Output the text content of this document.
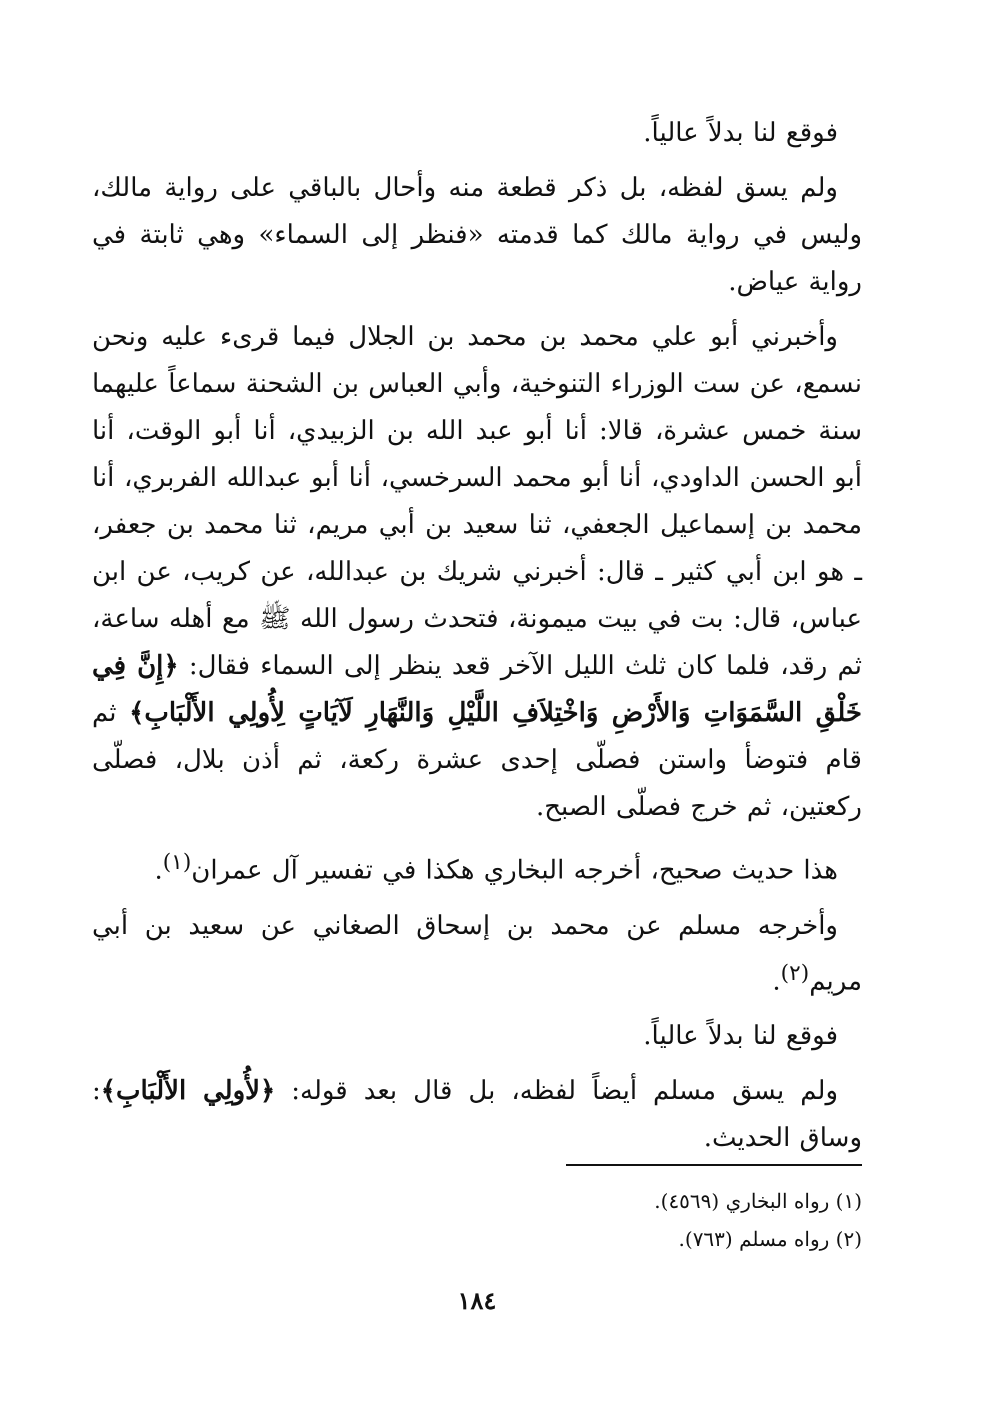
فوقع لنا بدلاً عالياً.

ولم يسق لفظه، بل ذكر قطعة منه وأحال بالباقي على رواية مالك، وليس في رواية مالك كما قدمته «فنظر إلى السماء» وهي ثابتة في رواية عياض.

وأخبرني أبو علي محمد بن محمد بن الجلال فيما قرىء عليه ونحن نسمع، عن ست الوزراء التنوخية، وأبي العباس بن الشحنة سماعاً عليهما سنة خمس عشرة، قالا: أنا أبو عبد الله بن الزبيدي، أنا أبو الوقت، أنا أبو الحسن الداودي، أنا أبو محمد السرخسي، أنا أبو عبدالله الفربري، أنا محمد بن إسماعيل الجعفي، ثنا سعيد بن أبي مريم، ثنا محمد بن جعفر، ـ هو ابن أبي كثير ـ قال: أخبرني شريك بن عبدالله، عن كريب، عن ابن عباس، قال: بت في بيت ميمونة، فتحدث رسول الله ﷺ مع أهله ساعة، ثم رقد، فلما كان ثلث الليل الآخر قعد ينظر إلى السماء فقال: ﴿إِنَّ فِي خَلْقِ السَّمَوَاتِ وَالأَرْضِ وَاخْتِلاَفِ اللَّيْلِ وَالنَّهَارِ لَآيَاتٍ لِأُولِي الأَلْبَابِ﴾ ثم قام فتوضأ واستن فصلّى إحدى عشرة ركعة، ثم أذن بلال، فصلّى ركعتين، ثم خرج فصلّى الصبح.

هذا حديث صحيح، أخرجه البخاري هكذا في تفسير آل عمران$^{(١)}$.

وأخرجه مسلم عن محمد بن إسحاق الصغاني عن سعيد بن أبي مريم$^{(٢)}$.

فوقع لنا بدلاً عالياً.

ولم يسق مسلم أيضاً لفظه، بل قال بعد قوله: ﴿لأُولِي الأَلْبَابِ﴾: وساق الحديث.

(١) رواه البخاري (٤٥٦٩).

(٢) رواه مسلم (٧٦٣).

١٨٤
